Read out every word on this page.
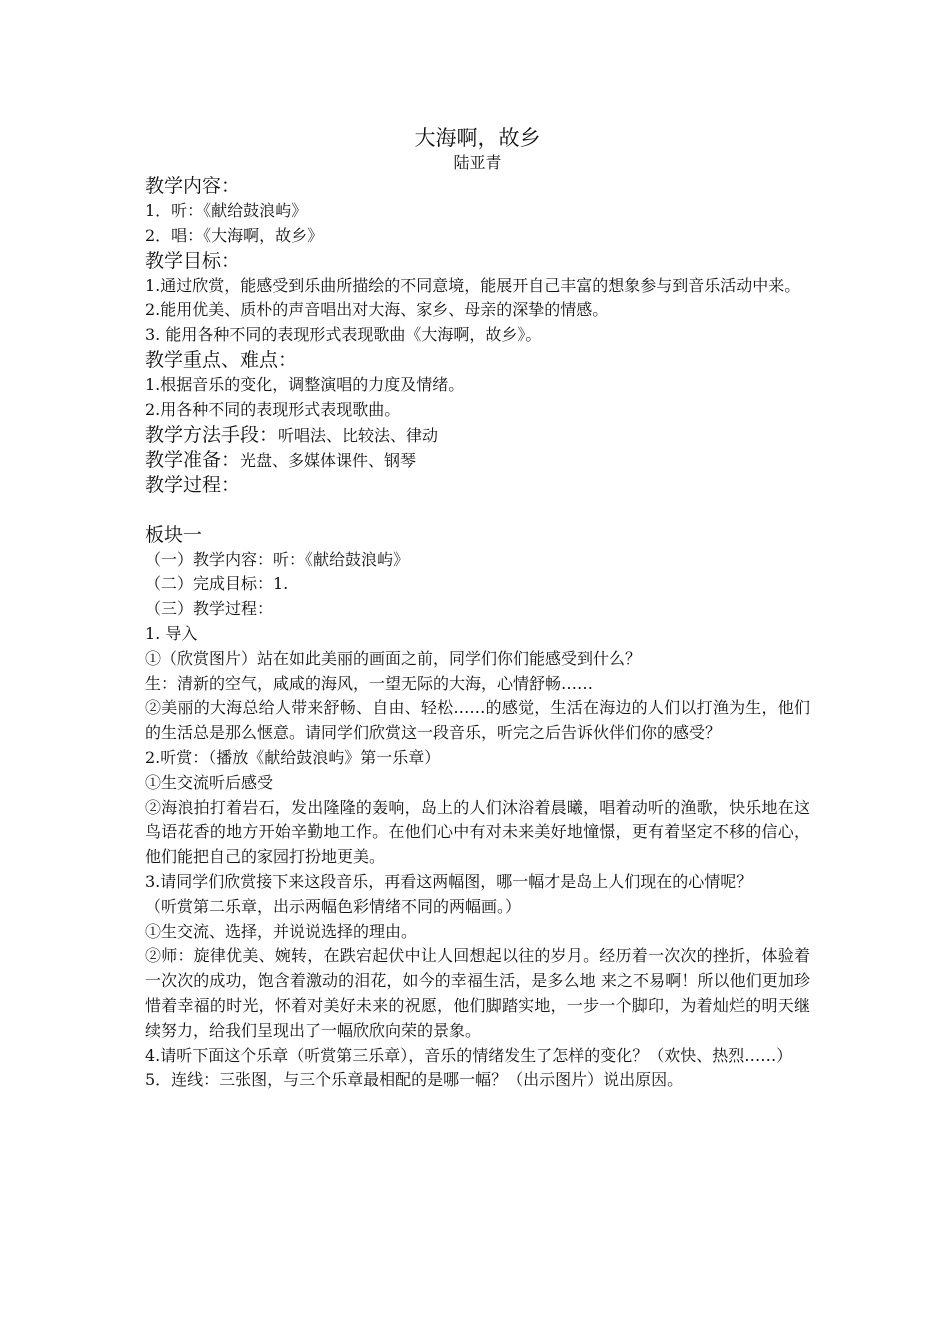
大海啊，故乡
陆亚青
教学内容：
1．听：《献给鼓浪屿》
2．唱：《大海啊，故乡》
教学目标：
1.通过欣赏，能感受到乐曲所描绘的不同意境，能展开自己丰富的想象参与到音乐活动中来。
2.能用优美、质朴的声音唱出对大海、家乡、母亲的深挚的情感。
3. 能用各种不同的表现形式表现歌曲《大海啊，故乡》。
教学重点、难点：
1.根据音乐的变化，调整演唱的力度及情绪。
2.用各种不同的表现形式表现歌曲。
教学方法手段：听唱法、比较法、律动
教学准备：光盘、多媒体课件、钢琴
教学过程：
板块一
（一）教学内容：听：《献给鼓浪屿》
（二）完成目标：1.
（三）教学过程：
1. 导入
①（欣赏图片）站在如此美丽的画面之前，同学们你们能感受到什么？
生：清新的空气，咸咸的海风，一望无际的大海，心情舒畅……
②美丽的大海总给人带来舒畅、自由、轻松……的感觉，生活在海边的人们以打渔为生，他们的生活总是那么惬意。请同学们欣赏这一段音乐，听完之后告诉伙伴们你的感受？
2.听赏：（播放《献给鼓浪屿》第一乐章）
①生交流听后感受
②海浪拍打着岩石，发出隆隆的轰响，岛上的人们沐浴着晨曦，唱着动听的渔歌，快乐地在这鸟语花香的地方开始辛勤地工作。在他们心中有对未来美好地憧憬，更有着坚定不移的信心，他们能把自己的家园打扮地更美。
3.请同学们欣赏接下来这段音乐，再看这两幅图，哪一幅才是岛上人们现在的心情呢？
（听赏第二乐章，出示两幅色彩情绪不同的两幅画。）
①生交流、选择，并说说选择的理由。
②师：旋律优美、婉转，在跌宕起伏中让人回想起以往的岁月。经历着一次次的挫折，体验着一次次的成功，饱含着激动的泪花，如今的幸福生活，是多么地 来之不易啊！所以他们更加珍惜着幸福的时光，怀着对美好未来的祝愿，他们脚踏实地，一步一个脚印，为着灿烂的明天继续努力，给我们呈现出了一幅欣欣向荣的景象。
4.请听下面这个乐章（听赏第三乐章），音乐的情绪发生了怎样的变化？（欢快、热烈……）
5．连线：三张图，与三个乐章最相配的是哪一幅？（出示图片）说出原因。
